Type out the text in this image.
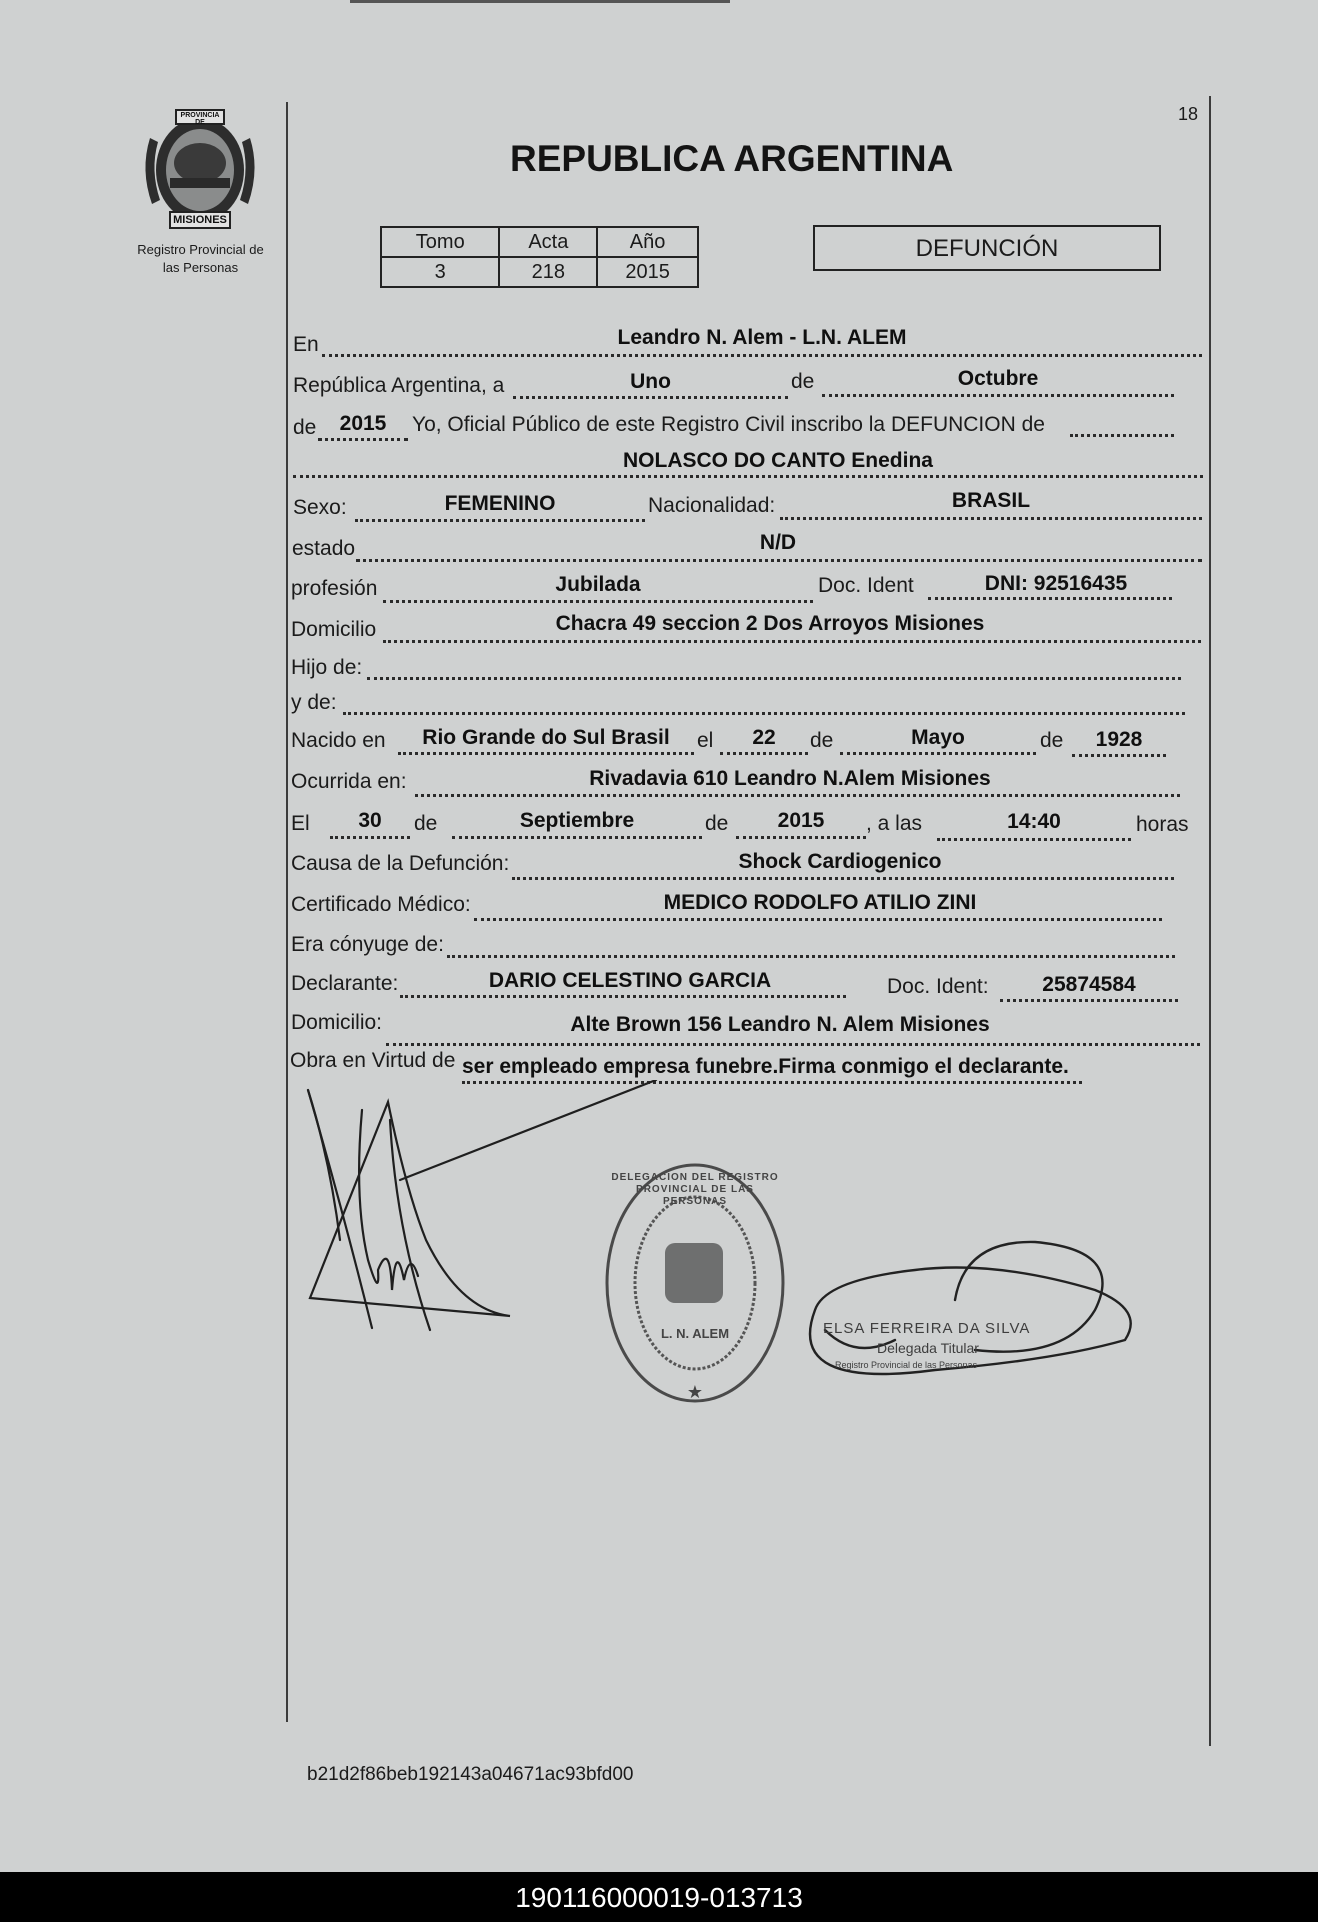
PROVINCIA DE
MISIONES
Registro Provincial de
las Personas
18
REPUBLICA ARGENTINA
Tomo	Acta	Año
3	218	2015
DEFUNCIÓN
En	Leandro N. Alem - L.N. ALEM
República Argentina, a	Uno	de	Octubre
de	2015	Yo, Oficial Público de este Registro Civil inscribo la DEFUNCION de
NOLASCO DO CANTO Enedina
Sexo:	FEMENINO	Nacionalidad:	BRASIL
estado	N/D
profesión	Jubilada	Doc. Ident	DNI: 92516435
Domicilio	Chacra 49 seccion 2 Dos Arroyos Misiones
Hijo de:
y de:
Nacido en	Rio Grande do Sul Brasil	el	22	de	Mayo	de	1928
Ocurrida en:	Rivadavia 610 Leandro N.Alem Misiones
El	30	de	Septiembre	de	2015	, a las	14:40	horas
Causa de la Defunción:	Shock Cardiogenico
Certificado Médico:	MEDICO RODOLFO ATILIO ZINI
Era cónyuge de:
Declarante:	DARIO CELESTINO GARCIA	Doc. Ident:	25874584
Domicilio:	Alte Brown 156 Leandro N. Alem Misiones
Obra en Virtud de ser empleado empresa funebre.Firma conmigo el declarante.
★
DELEGACION DEL REGISTRO PROVINCIAL DE LAS PERSONAS
L. N. ALEM	ELSA FERREIRA DA SILVA
Delegada Titular
Registro Provincial de las Personas
b21d2f86beb192143a04671ac93bfd00
190116000019-013713
